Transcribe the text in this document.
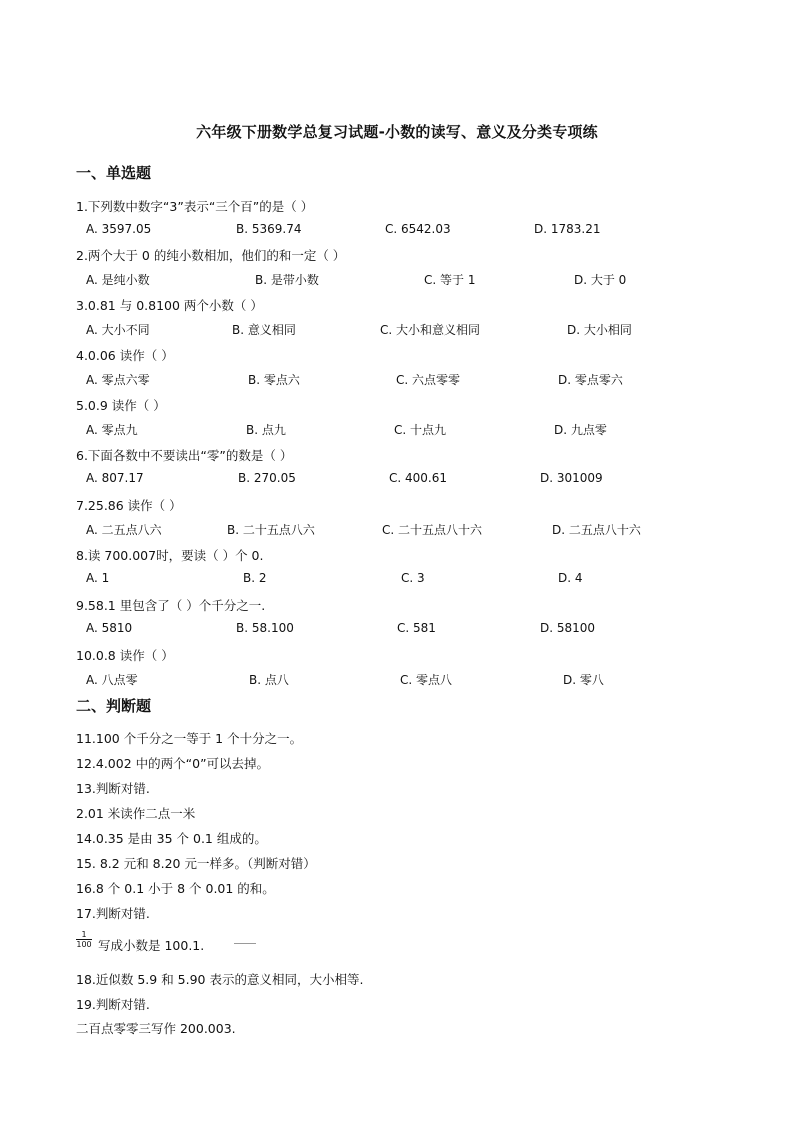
六年级下册数学总复习试题-小数的读写、意义及分类专项练
一、单选题
1.下列数中数字“3”表示“三个百”的是（ ）
A. 3597.05	B. 5369.74	C. 6542.03	D. 1783.21
2.两个大于 0 的纯小数相加，他们的和一定（ ）
A. 是纯小数	B. 是带小数	C. 等于 1	D. 大于 0
3.0.81 与 0.8100 两个小数（ ）
A. 大小不同	B. 意义相同	C. 大小和意义相同	D. 大小相同
4.0.06 读作（ ）
A. 零点六零	B. 零点六	C. 六点零零	D. 零点零六
5.0.9 读作（ ）
A. 零点九	B. 点九	C. 十点九	D. 九点零
6.下面各数中不要读出“零”的数是（ ）
A. 807.17	B. 270.05	C. 400.61	D. 301009
7.25.86 读作（ ）
A. 二五点八六	B. 二十五点八六	C. 二十五点八十六	D. 二五点八十六
8.读 700.007时，要读（ ）个 0.
A. 1	B. 2	C. 3	D. 4
9.58.1 里包含了（ ）个千分之一.
A. 5810	B. 58.100	C. 581	D. 58100
10.0.8 读作（ ）
A. 八点零	B. 点八	C. 零点八	D. 零八
二、判断题
11.100 个千分之一等于 1 个十分之一。
12.4.002 中的两个“0”可以去掉。
13.判断对错.
2.01 米读作二点一米
14.0.35 是由 35 个 0.1 组成的。
15. 8.2 元和 8.20 元一样多。（判断对错）
16.8 个 0.1 小于 8 个 0.01 的和。
17.判断对错.
$\frac{1}{100}$ 写成小数是 100.1.
18.近似数 5.9 和 5.90 表示的意义相同，大小相等.
19.判断对错.
二百点零零三写作 200.003.
